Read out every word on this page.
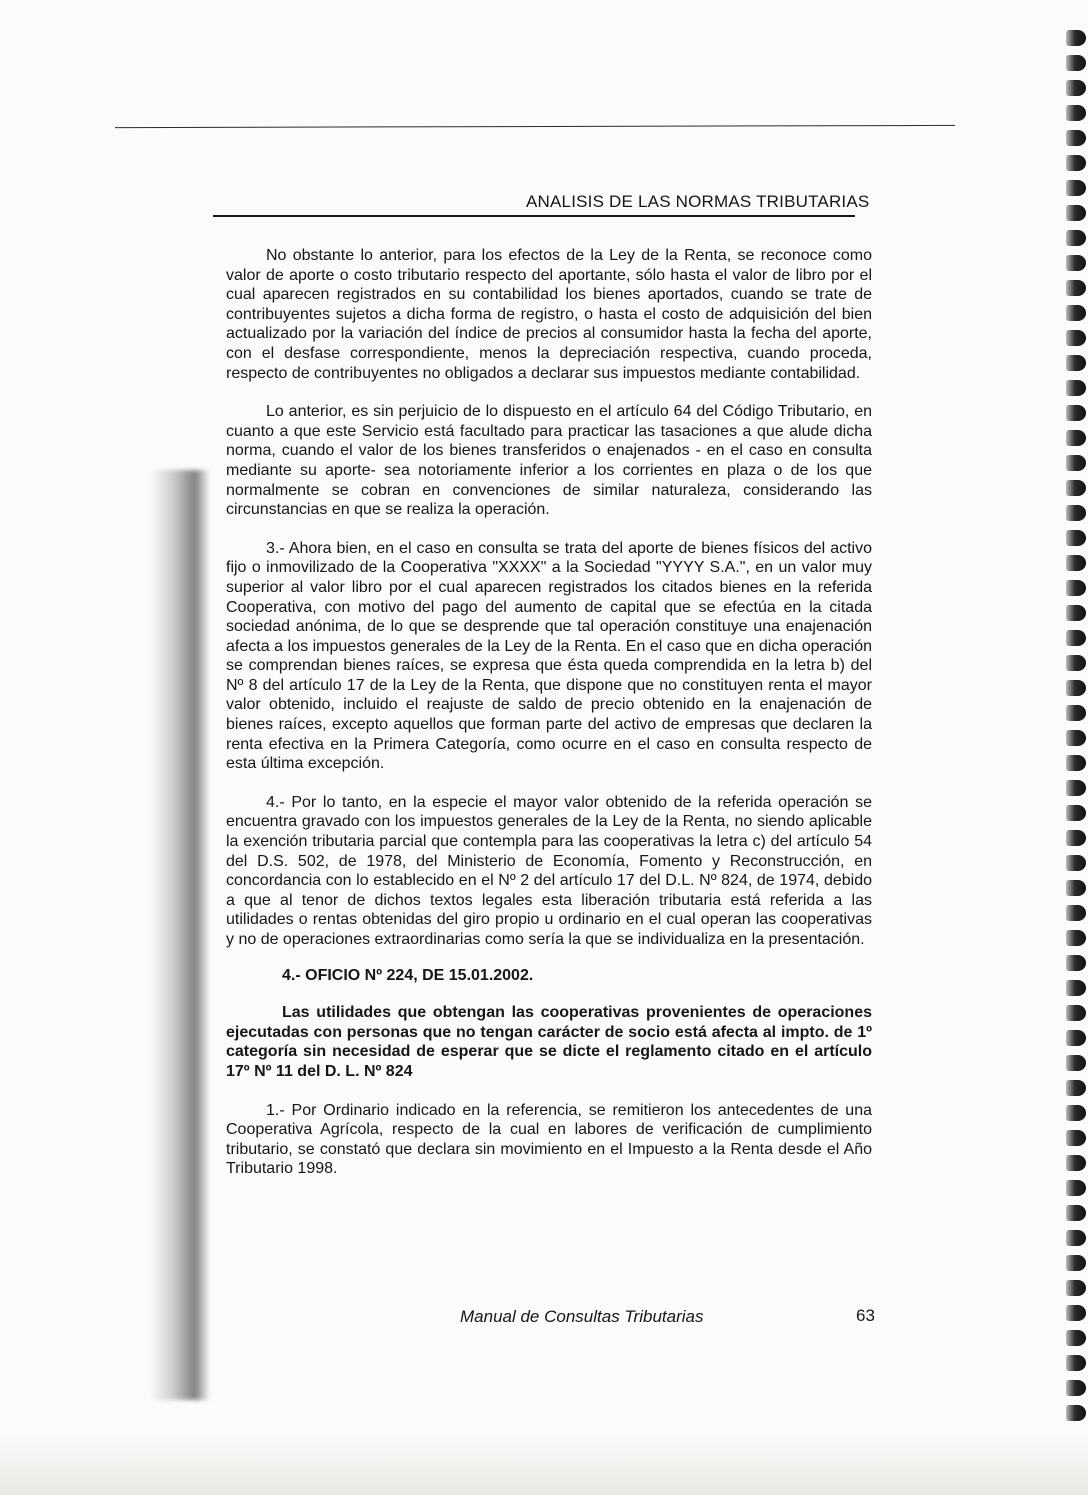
ANALISIS DE LAS NORMAS TRIBUTARIAS

No obstante lo anterior, para los efectos de la Ley de la Renta, se reconoce como valor de aporte o costo tributario respecto del aportante, sólo hasta el valor de libro por el cual aparecen registrados en su contabilidad los bienes aportados, cuando se trate de contribuyentes sujetos a dicha forma de registro, o hasta el costo de adquisición del bien actualizado por la variación del índice de precios al consumidor hasta la fecha del aporte, con el desfase correspondiente, menos la depreciación respectiva, cuando proceda, respecto de contribuyentes no obligados a declarar sus impuestos mediante contabilidad.

Lo anterior, es sin perjuicio de lo dispuesto en el artículo 64 del Código Tributario, en cuanto a que este Servicio está facultado para practicar las tasaciones a que alude dicha norma, cuando el valor de los bienes transferidos o enajenados - en el caso en consulta mediante su aporte- sea notoriamente inferior a los corrientes en plaza o de los que normalmente se cobran en convenciones de similar naturaleza, considerando las circunstancias en que se realiza la operación.

3.- Ahora bien, en el caso en consulta se trata del aporte de bienes físicos del activo fijo o inmovilizado de la Cooperativa "XXXX" a la Sociedad "YYYY S.A.", en un valor muy superior al valor libro por el cual aparecen registrados los citados bienes en la referida Cooperativa, con motivo del pago del aumento de capital que se efectúa en la citada sociedad anónima, de lo que se desprende que tal operación constituye una enajenación afecta a los impuestos generales de la Ley de la Renta. En el caso que en dicha operación se comprendan bienes raíces, se expresa que ésta queda comprendida en la letra b) del Nº 8 del artículo 17 de la Ley de la Renta, que dispone que no constituyen renta el mayor valor obtenido, incluido el reajuste de saldo de precio obtenido en la enajenación de bienes raíces, excepto aquellos que forman parte del activo de empresas que declaren la renta efectiva en la Primera Categoría, como ocurre en el caso en consulta respecto de esta última excepción.

4.- Por lo tanto, en la especie el mayor valor obtenido de la referida operación se encuentra gravado con los impuestos generales de la Ley de la Renta, no siendo aplicable la exención tributaria parcial que contempla para las cooperativas la letra c) del artículo 54 del D.S. 502, de 1978, del Ministerio de Economía, Fomento y Reconstrucción, en concordancia con lo establecido en el Nº 2 del artículo 17 del D.L. Nº 824, de 1974, debido a que al tenor de dichos textos legales esta liberación tributaria está referida a las utilidades o rentas obtenidas del giro propio u ordinario en el cual operan las cooperativas y no de operaciones extraordinarias como sería la que se individualiza en la presentación.

4.- OFICIO Nº 224, DE 15.01.2002.
Las utilidades que obtengan las cooperativas provenientes de operaciones ejecutadas con personas que no tengan carácter de socio está afecta al impto. de 1º categoría sin necesidad de esperar que se dicte el reglamento citado en el artículo 17º Nº 11 del D. L. Nº 824

1.- Por Ordinario indicado en la referencia, se remitieron los antecedentes de una Cooperativa Agrícola, respecto de la cual en labores de verificación de cumplimiento tributario, se constató que declara sin movimiento en el Impuesto a la Renta desde el Año Tributario 1998.

Manual de Consultas Tributarias	63
